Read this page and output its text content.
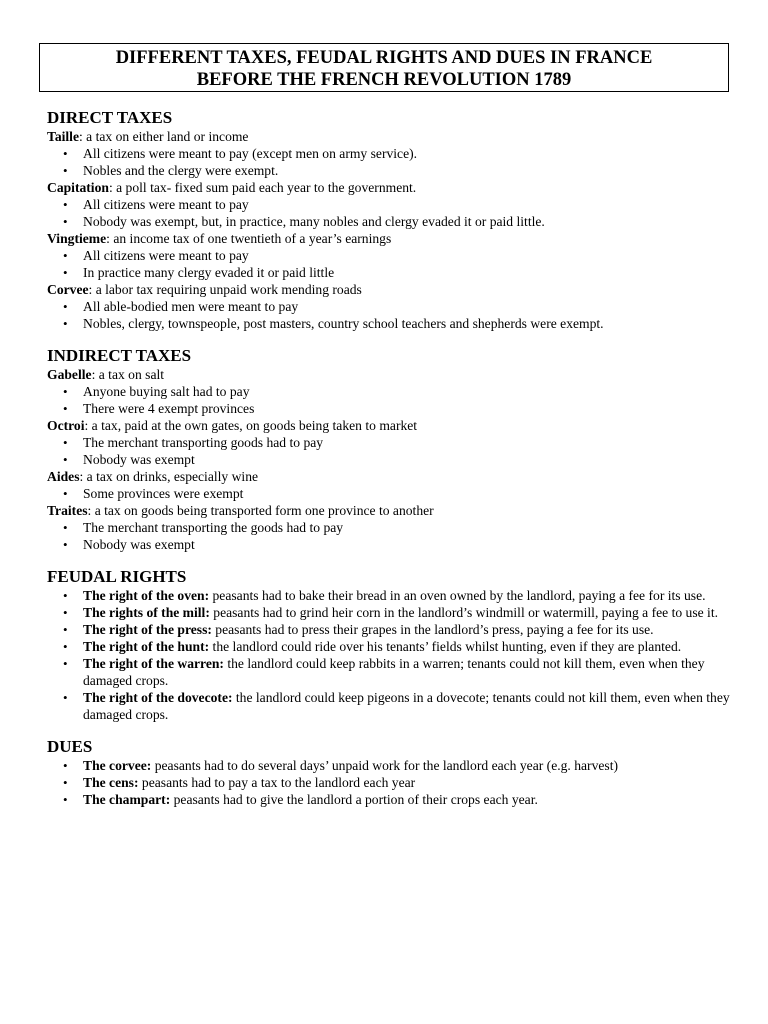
DIFFERENT TAXES, FEUDAL RIGHTS AND DUES IN FRANCE
BEFORE THE FRENCH REVOLUTION 1789
DIRECT TAXES
Taille: a tax on either land or income
• All citizens were meant to pay (except men on army service).
• Nobles and the clergy were exempt.
Capitation: a poll tax- fixed sum paid each year to the government.
• All citizens were meant to pay
• Nobody was exempt, but, in practice, many nobles and clergy evaded it or paid little.
Vingtieme: an income tax of one twentieth of a year’s earnings
• All citizens were meant to pay
• In practice many clergy evaded it or paid little
Corvee: a labor tax requiring unpaid work mending roads
• All able-bodied men were meant to pay
• Nobles, clergy, townspeople, post masters, country school teachers and shepherds were exempt.
INDIRECT TAXES
Gabelle: a tax on salt
• Anyone buying salt had to pay
• There were 4 exempt provinces
Octroi: a tax, paid at the own gates, on goods being taken to market
• The merchant transporting goods had to pay
• Nobody was exempt
Aides: a tax on drinks, especially wine
• Some provinces were exempt
Traites: a tax on goods being transported form one province to another
• The merchant transporting the goods had to pay
• Nobody was exempt
FEUDAL RIGHTS
• The right of the oven: peasants had to bake their bread in an oven owned by the landlord, paying a fee for its use.
• The rights of the mill: peasants had to grind heir corn in the landlord’s windmill or watermill, paying a fee to use it.
• The right of the press: peasants had to press their grapes in the landlord’s press, paying a fee for its use.
• The right of the hunt: the landlord could ride over his tenants’ fields whilst hunting, even if they are planted.
• The right of the warren: the landlord could keep rabbits in a warren; tenants could not kill them, even when they damaged crops.
• The right of the dovecote: the landlord could keep pigeons in a dovecote; tenants could not kill them, even when they damaged crops.
DUES
• The corvee: peasants had to do several days’ unpaid work for the landlord each year (e.g. harvest)
• The cens: peasants had to pay a tax to the landlord each year
• The champart: peasants had to give the landlord a portion of their crops each year.
